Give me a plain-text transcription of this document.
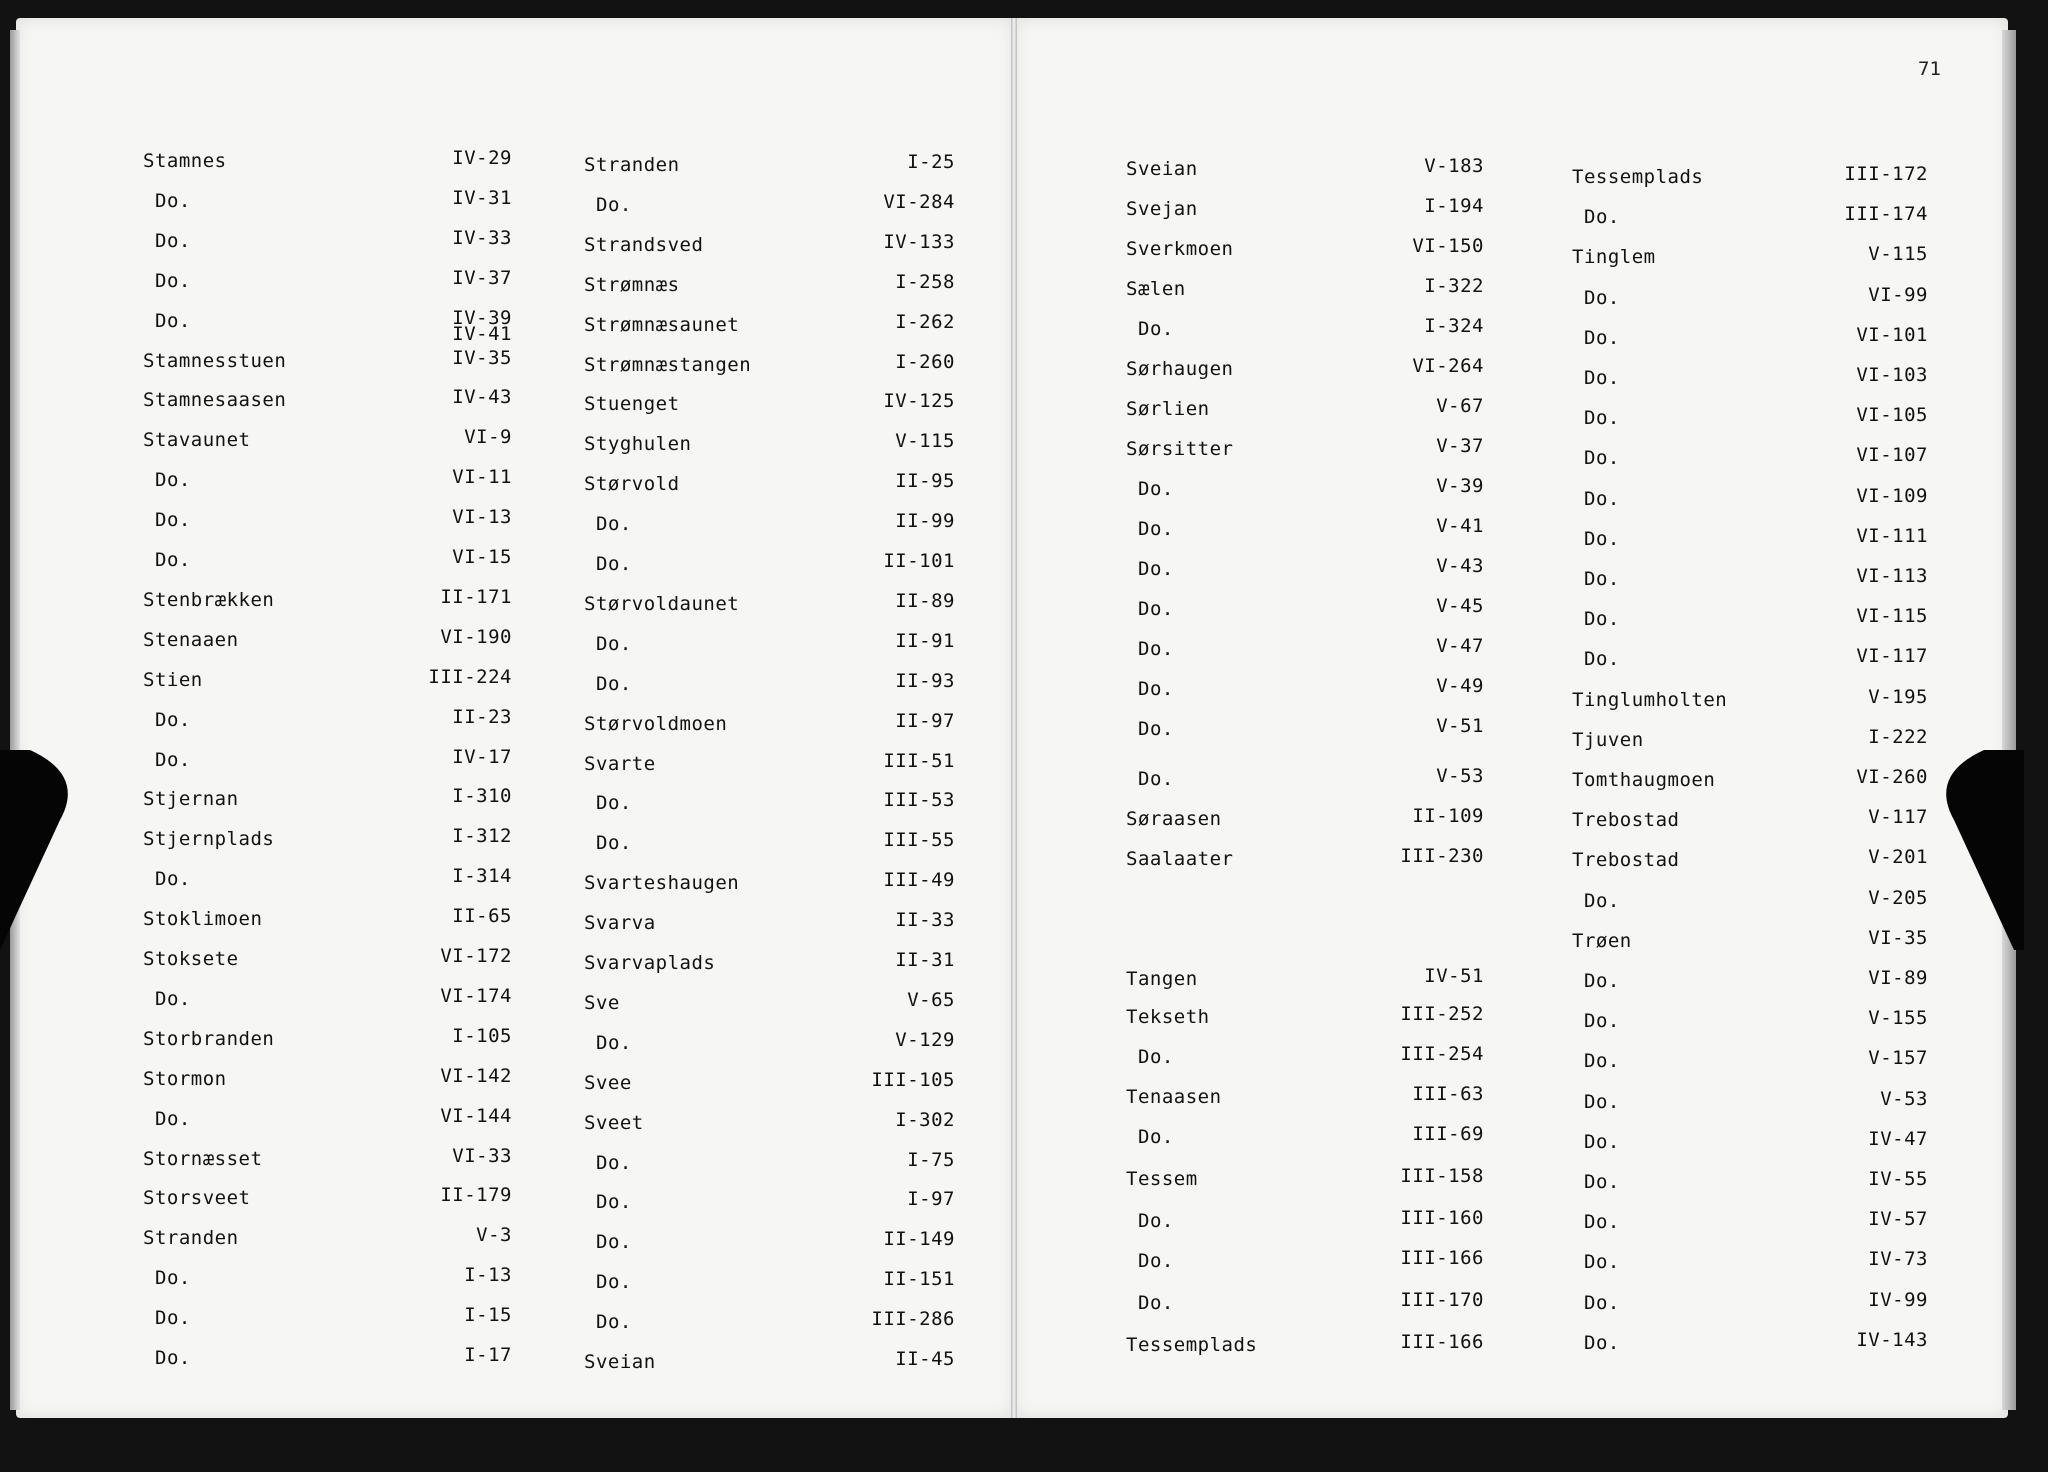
71
Stamnes	IV-29
Do.	IV-31
Do.	IV-33
Do.	IV-37
Do.	IV-39
IV-41
Stamnesstuen	IV-35
Stamnesaasen	IV-43
Stavaunet	VI-9
Do.	VI-11
Do.	VI-13
Do.	VI-15
Stenbrækken	II-171
Stenaaen	VI-190
Stien	III-224
Do.	II-23
Do.	IV-17
Stjernan	I-310
Stjernplads	I-312
Do.	I-314
Stoklimoen	II-65
Stoksete	VI-172
Do.	VI-174
Storbranden	I-105
Stormon	VI-142
Do.	VI-144
Stornæsset	VI-33
Storsveet	II-179
Stranden	V-3
Do.	I-13
Do.	I-15
Do.	I-17
Stranden	I-25
Do.	VI-284
Strandsved	IV-133
Strømnæs	I-258
Strømnæsaunet	I-262
Strømnæstangen	I-260
Stuenget	IV-125
Styghulen	V-115
Størvold	II-95
Do.	II-99
Do.	II-101
Størvoldaunet	II-89
Do.	II-91
Do.	II-93
Størvoldmoen	II-97
Svarte	III-51
Do.	III-53
Do.	III-55
Svarteshaugen	III-49
Svarva	II-33
Svarvaplads	II-31
Sve	V-65
Do.	V-129
Svee	III-105
Sveet	I-302
Do.	I-75
Do.	I-97
Do.	II-149
Do.	II-151
Do.	III-286
Sveian	II-45
Sveian	V-183
Svejan	I-194
Sverkmoen	VI-150
Sælen	I-322
Do.	I-324
Sørhaugen	VI-264
Sørlien	V-67
Sørsitter	V-37
Do.	V-39
Do.	V-41
Do.	V-43
Do.	V-45
Do.	V-47
Do.	V-49
Do.	V-51
Do.	V-53
Søraasen	II-109
Saalaater	III-230
Tangen	IV-51
Tekseth	III-252
Do.	III-254
Tenaasen	III-63
Do.	III-69
Tessem	III-158
Do.	III-160
Do.	III-166
Do.	III-170
Tessemplads	III-166
Tessemplads	III-172
Do.	III-174
Tinglem	V-115
Do.	VI-99
Do.	VI-101
Do.	VI-103
Do.	VI-105
Do.	VI-107
Do.	VI-109
Do.	VI-111
Do.	VI-113
Do.	VI-115
Do.	VI-117
Tinglumholten	V-195
Tjuven	I-222
Tomthaugmoen	VI-260
Trebostad	V-117
Trebostad	V-201
Do.	V-205
Trøen	VI-35
Do.	VI-89
Do.	V-155
Do.	V-157
Do.	V-53
Do.	IV-47
Do.	IV-55
Do.	IV-57
Do.	IV-73
Do.	IV-99
Do.	IV-143
